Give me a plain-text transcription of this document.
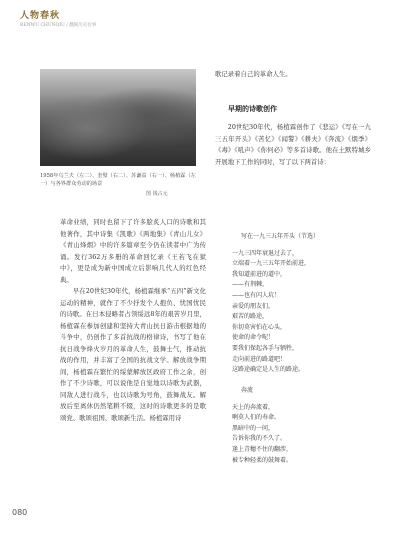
人物春秋
RENWU CHUNQIU / 翻阅历史往事
1958年乌兰夫（左二）、奎璧（右二）、苏谦益（右一）、杨植霖（左一）与各界群众劳动的场景
图 钱占元

革命业绩，同时也留下了许多脍炙人口的诗歌和其他著作，其中诗集《凯歌》《两地集》《青山儿女》《青山烽烟》中的许多篇章至今仍在读者中广为传诵。发行362万多册的革命回忆录《王若飞在狱中》，更是成为新中国成立后影响几代人的红色经典。

早在20世纪30年代，杨植霖继承“五四”新文化运动的精神，就作了不少抒发个人抱负、忧国忧民的诗歌。在日本侵略者占领绥远8年的艰苦岁月里，杨植霖在参加创建和坚持大青山抗日游击根据地的斗争中，仍创作了多首抗战的格律诗，书写了他在抗日战争烽火岁月的革命人生，鼓舞士气，推动抗战的作用，并丰富了全国的抗战文学。解放战争期间，杨植霖在繁忙的绥蒙解放区政府工作之余，创作了不少诗歌，可以说他是自觉地以诗歌为武器，同敌人进行战斗，也以诗歌为号角，鼓舞战友。解放后至离休仍然笔耕不辍，这时的诗歌更多的是歌颂党、歌颂祖国、歌颂新生活。杨植霖用诗

歌记录着自己的革命人生。

早期的诗歌创作

20世纪30年代，杨植霖创作了《悲运》《写在一九三五年开头》《苦忆》《闻警》《耕夫》《奔流》《烟季》《毒》《吼声》《你何必》等多首诗歌。他在土默特城乡开展地下工作的同时，写了以下两首诗：

写在一九三五年开头（节选）
一九三四年衰退过去了，
立端着一九三五年开始前进，
我知道前进的道中，
——有荆棘，
——也有闪人坑！
亲爱的朋友们，
艰苦的路途，
你切莫害怕在心头，
使命的命令呢！
要我们保起各手与牺牲，
走向前进的路道吧！
这路途确定是人生的路途。
奔流
天上的奔流着，
啊莫人们的寿命。
黑暗中的一问，
告诉你我的不久了。
逢上青穗不住的翻涉，
被专种轻柔的鼓舞着。
080
